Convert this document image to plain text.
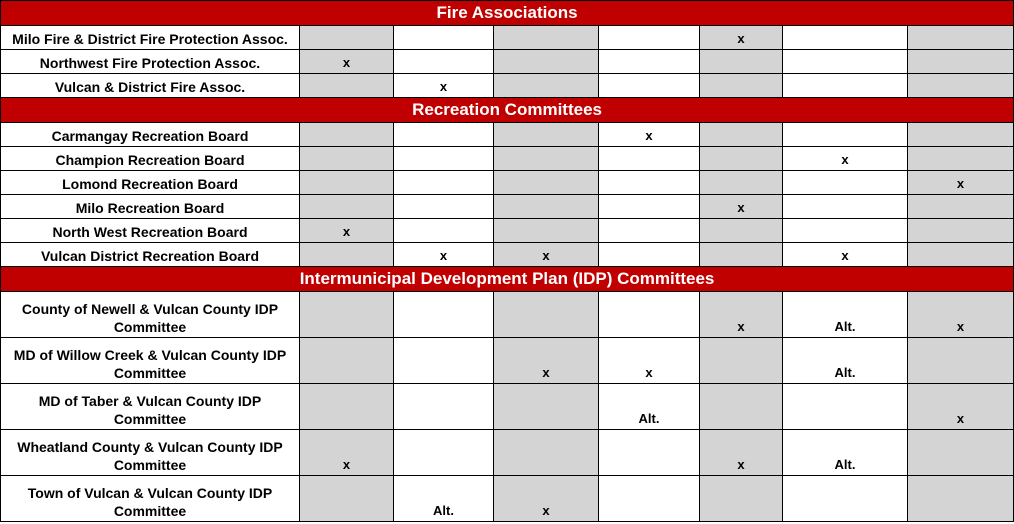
Fire Associations							
Milo Fire & District Fire Protection Assoc.					x		
Northwest Fire Protection Assoc.	x						
Vulcan & District Fire Assoc.		x					
Recreation Committees							
Carmangay Recreation Board				x			
Champion Recreation Board						x	
Lomond Recreation Board							x
Milo Recreation Board					x		
North West Recreation Board	x						
Vulcan District Recreation Board		x	x			x	
Intermunicipal Development Plan (IDP) Committees							
County of Newell & Vulcan County IDP Committee					x	Alt.	x
MD of Willow Creek & Vulcan County IDP Committee			x	x		Alt.	
MD of Taber & Vulcan County IDP Committee				Alt.			x
Wheatland County & Vulcan County IDP Committee	x				x	Alt.	
Town of Vulcan & Vulcan County IDP Committee		Alt.	x				
